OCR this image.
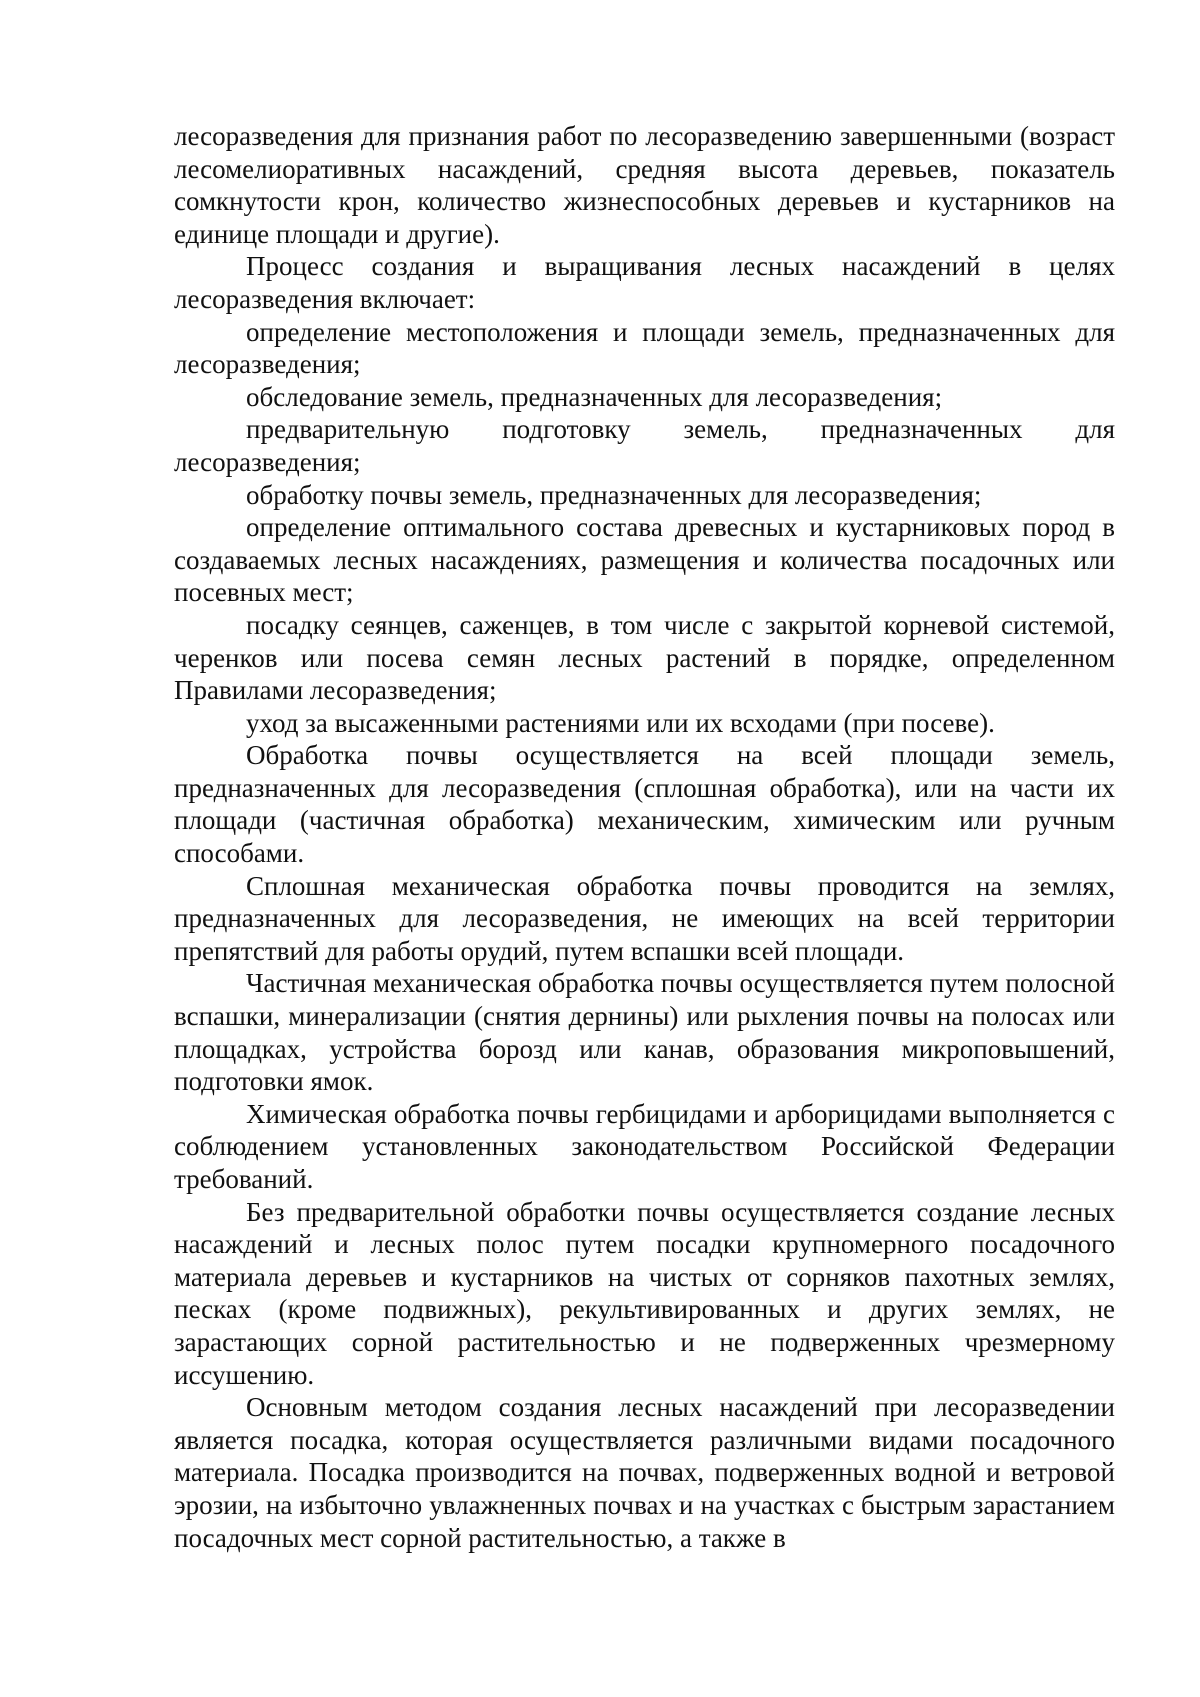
лесоразведения для признания работ по лесоразведению завершенными (возраст лесомелиоративных насаждений, средняя высота деревьев, показатель сомкнутости крон, количество жизнеспособных деревьев и кустарников на единице площади и другие).

Процесс создания и выращивания лесных насаждений в целях лесоразведения включает:

определение местоположения и площади земель, предназначенных для лесоразведения;

обследование земель, предназначенных для лесоразведения;

предварительную подготовку земель, предназначенных для лесоразведения;

обработку почвы земель, предназначенных для лесоразведения;

определение оптимального состава древесных и кустарниковых пород в создаваемых лесных насаждениях, размещения и количества посадочных или посевных мест;

посадку сеянцев, саженцев, в том числе с закрытой корневой системой, черенков или посева семян лесных растений в порядке, определенном Правилами лесоразведения;

уход за высаженными растениями или их всходами (при посеве).

Обработка почвы осуществляется на всей площади земель, предназначенных для лесоразведения (сплошная обработка), или на части их площади (частичная обработка) механическим, химическим или ручным способами.

Сплошная механическая обработка почвы проводится на землях, предназначенных для лесоразведения, не имеющих на всей территории препятствий для работы орудий, путем вспашки всей площади.

Частичная механическая обработка почвы осуществляется путем полосной вспашки, минерализации (снятия дернины) или рыхления почвы на полосах или площадках, устройства борозд или канав, образования микроповышений, подготовки ямок.

Химическая обработка почвы гербицидами и арборицидами выполняется с соблюдением установленных законодательством Российской Федерации требований.

Без предварительной обработки почвы осуществляется создание лесных насаждений и лесных полос путем посадки крупномерного посадочного материала деревьев и кустарников на чистых от сорняков пахотных землях, песках (кроме подвижных), рекультивированных и других землях, не зарастающих сорной растительностью и не подверженных чрезмерному иссушению.

Основным методом создания лесных насаждений при лесоразведении является посадка, которая осуществляется различными видами посадочного материала. Посадка производится на почвах, подверженных водной и ветровой эрозии, на избыточно увлажненных почвах и на участках с быстрым зарастанием посадочных мест сорной растительностью, а также в
